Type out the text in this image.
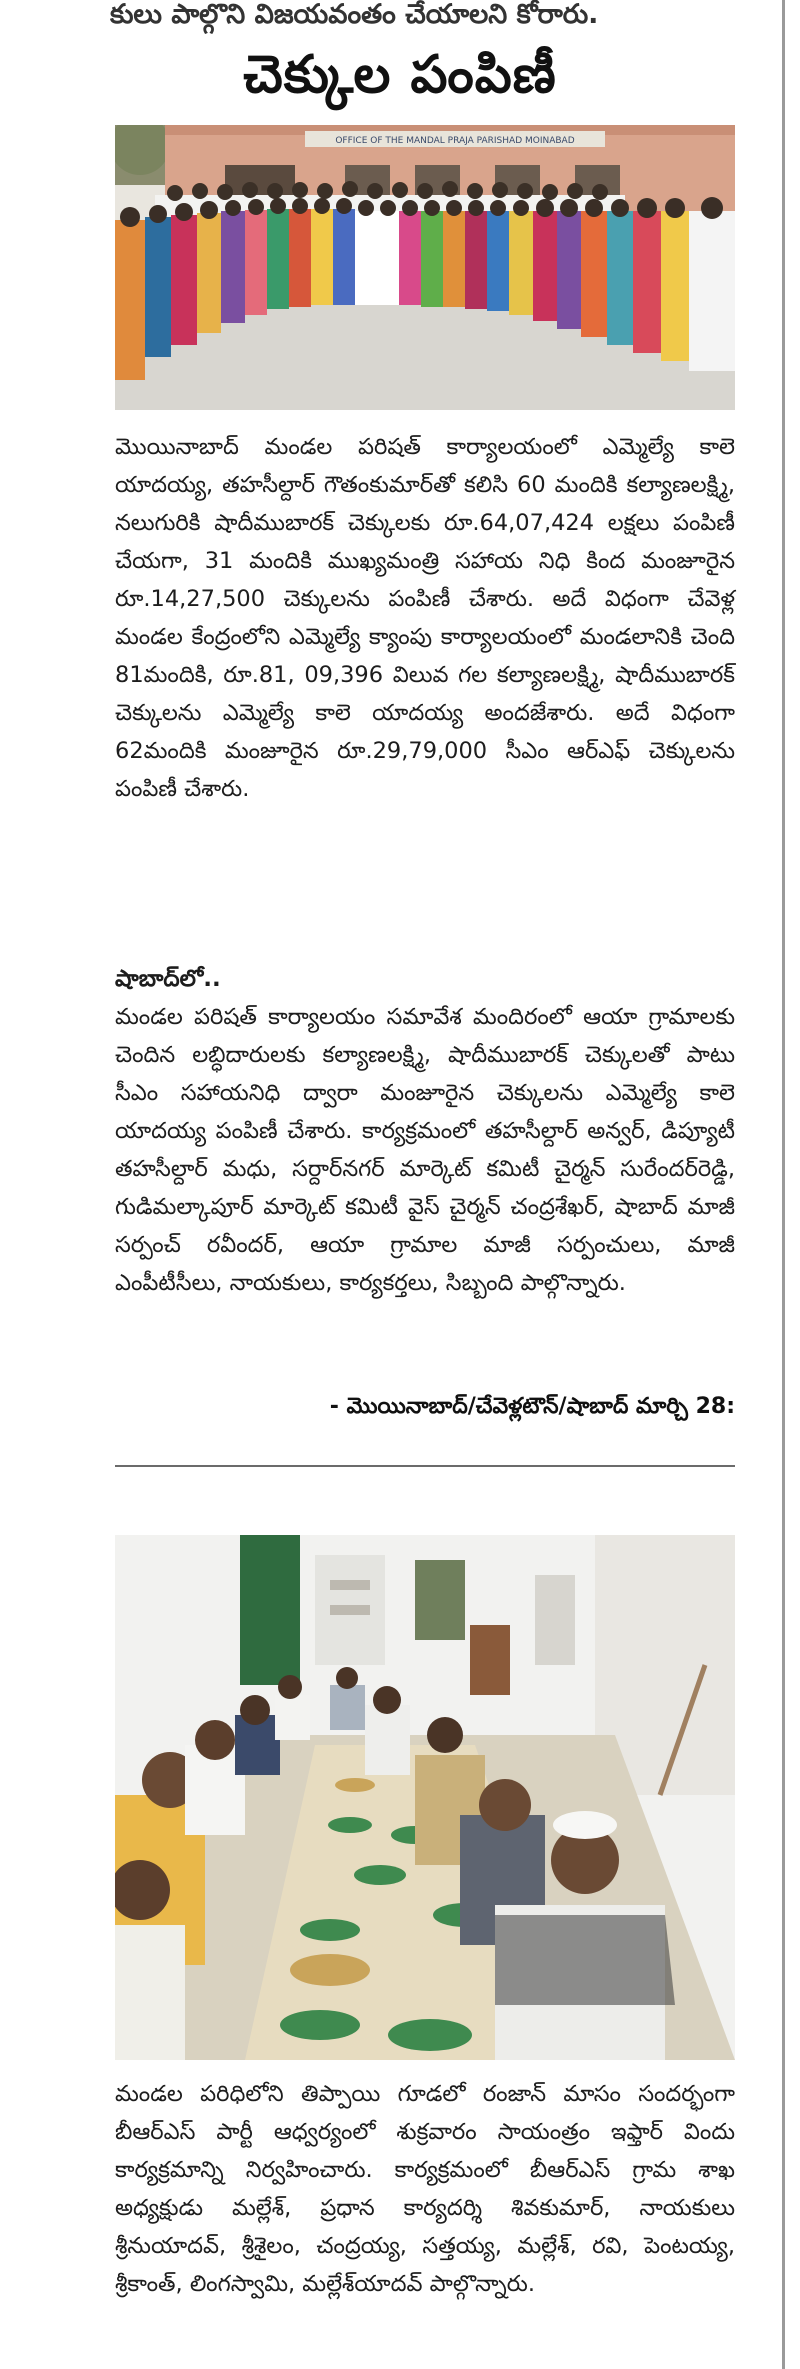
కులు పాల్గొని విజయవంతం చేయాలని కోరారు.
చెక్కుల పంపిణీ
OFFICE OF THE MANDAL PRAJA PARISHAD MOINABAD

మొయినాబాద్ మండల పరిషత్ కార్యాలయంలో ఎమ్మెల్యే కాలె యాదయ్య, తహసీల్దార్ గౌతంకుమార్‌తో కలిసి 60 మందికి కల్యాణలక్ష్మి, నలుగురికి షాదీముబారక్ చెక్కులకు రూ.64,07,424 లక్షలు పంపిణీ చేయగా, 31 మందికి ముఖ్యమంత్రి సహాయ నిధి కింద మంజూరైన రూ.14,27,500 చెక్కులను పంపిణీ చేశారు. అదే విధంగా చేవెళ్ల మండల కేంద్రంలోని ఎమ్మెల్యే క్యాంపు కార్యాలయంలో మండలానికి చెంది 81మందికి, రూ.81, 09,396 విలువ గల కల్యాణలక్ష్మి, షాదీముబారక్ చెక్కులను ఎమ్మెల్యే కాలె యాదయ్య అందజేశారు. అదే విధంగా 62మందికి మంజూరైన రూ.29,79,000 సీఎం ఆర్ఎఫ్ చెక్కులను పంపిణీ చేశారు.

షాబాద్‌లో..

మండల పరిషత్ కార్యాలయం సమావేశ మందిరంలో ఆయా గ్రామాలకు చెందిన లబ్ధిదారులకు కల్యాణలక్ష్మి, షాదీముబారక్ చెక్కులతో పాటు సీఎం సహాయనిధి ద్వారా మంజూరైన చెక్కులను ఎమ్మెల్యే కాలె యాదయ్య పంపిణీ చేశారు. కార్యక్రమంలో తహసీల్దార్ అన్వర్, డిప్యూటీ తహసీల్దార్ మధు, సర్దార్‌నగర్ మార్కెట్ కమిటీ చైర్మన్ సురేందర్‌రెడ్డి, గుడిమల్కాపూర్ మార్కెట్ కమిటీ వైస్ చైర్మన్ చంద్రశేఖర్, షాబాద్ మాజీ సర్పంచ్ రవీందర్, ఆయా గ్రామాల మాజీ సర్పంచులు, మాజీ ఎంపీటీసీలు, నాయకులు, కార్యకర్తలు, సిబ్బంది పాల్గొన్నారు.

- మొయినాబాద్/చేవెళ్లటౌన్/షాబాద్ మార్చి 28:

మండల పరిధిలోని తిప్పాయి గూడలో రంజాన్ మాసం సందర్భంగా బీఆర్ఎస్ పార్టీ ఆధ్వర్యంలో శుక్రవారం సాయంత్రం ఇఫ్తార్ విందు కార్యక్రమాన్ని నిర్వహించారు. కార్యక్రమంలో బీఆర్ఎస్ గ్రామ శాఖ అధ్యక్షుడు మల్లేశ్, ప్రధాన కార్యదర్శి శివకుమార్, నాయకులు శ్రీనుయాదవ్, శ్రీశైలం, చంద్రయ్య, సత్తయ్య, మల్లేశ్, రవి, పెంటయ్య, శ్రీకాంత్, లింగస్వామి, మల్లేశ్‌యాదవ్ పాల్గొన్నారు.
